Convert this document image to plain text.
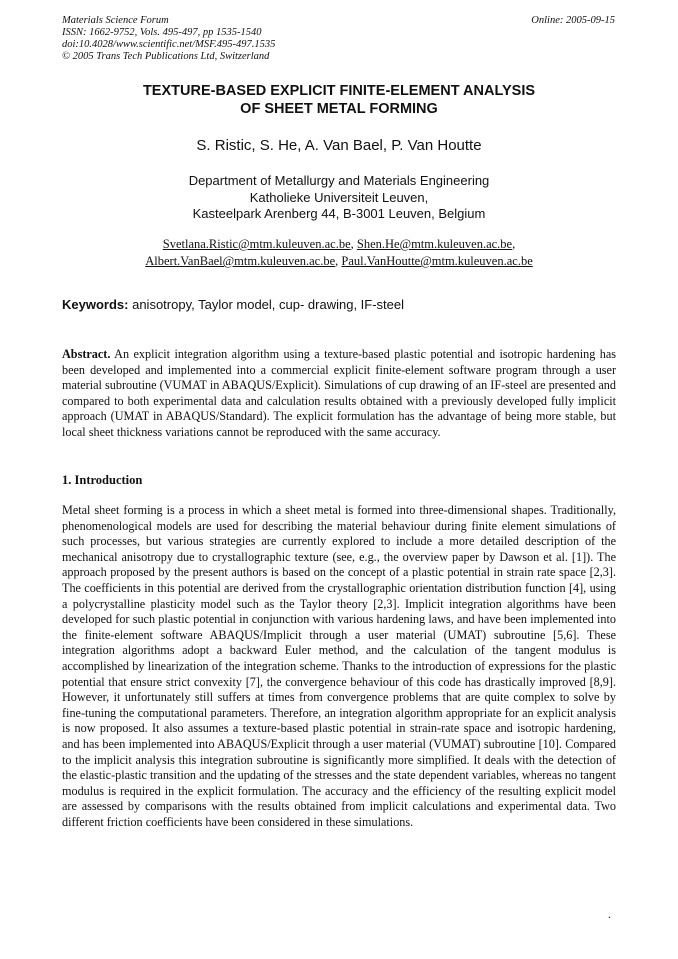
Materials Science Forum
ISSN: 1662-9752, Vols. 495-497, pp 1535-1540
doi:10.4028/www.scientific.net/MSF.495-497.1535
© 2005 Trans Tech Publications Ltd, Switzerland
Online: 2005-09-15
TEXTURE-BASED EXPLICIT FINITE-ELEMENT ANALYSIS
OF SHEET METAL FORMING
S. Ristic, S. He, A. Van Bael, P. Van Houtte
Department of Metallurgy and Materials Engineering
Katholieke Universiteit Leuven,
Kasteelpark Arenberg 44, B-3001 Leuven, Belgium
Svetlana.Ristic@mtm.kuleuven.ac.be, Shen.He@mtm.kuleuven.ac.be,
Albert.VanBael@mtm.kuleuven.ac.be, Paul.VanHoutte@mtm.kuleuven.ac.be
Keywords: anisotropy, Taylor model, cup- drawing, IF-steel
Abstract. An explicit integration algorithm using a texture-based plastic potential and isotropic hardening has been developed and implemented into a commercial explicit finite-element software program through a user material subroutine (VUMAT in ABAQUS/Explicit). Simulations of cup drawing of an IF-steel are presented and compared to both experimental data and calculation results obtained with a previously developed fully implicit approach (UMAT in ABAQUS/Standard). The explicit formulation has the advantage of being more stable, but local sheet thickness variations cannot be reproduced with the same accuracy.
1. Introduction
Metal sheet forming is a process in which a sheet metal is formed into three-dimensional shapes. Traditionally, phenomenological models are used for describing the material behaviour during finite element simulations of such processes, but various strategies are currently explored to include a more detailed description of the mechanical anisotropy due to crystallographic texture (see, e.g., the overview paper by Dawson et al. [1]). The approach proposed by the present authors is based on the concept of a plastic potential in strain rate space [2,3]. The coefficients in this potential are derived from the crystallographic orientation distribution function [4], using a polycrystalline plasticity model such as the Taylor theory [2,3]. Implicit integration algorithms have been developed for such plastic potential in conjunction with various hardening laws, and have been implemented into the finite-element software ABAQUS/Implicit through a user material (UMAT) subroutine [5,6]. These integration algorithms adopt a backward Euler method, and the calculation of the tangent modulus is accomplished by linearization of the integration scheme. Thanks to the introduction of expressions for the plastic potential that ensure strict convexity [7], the convergence behaviour of this code has drastically improved [8,9]. However, it unfortunately still suffers at times from convergence problems that are quite complex to solve by fine-tuning the computational parameters. Therefore, an integration algorithm appropriate for an explicit analysis is now proposed. It also assumes a texture-based plastic potential in strain-rate space and isotropic hardening, and has been implemented into ABAQUS/Explicit through a user material (VUMAT) subroutine [10]. Compared to the implicit analysis this integration subroutine is significantly more simplified. It deals with the detection of the elastic-plastic transition and the updating of the stresses and the state dependent variables, whereas no tangent modulus is required in the explicit formulation. The accuracy and the efficiency of the resulting explicit model are assessed by comparisons with the results obtained from implicit calculations and experimental data. Two different friction coefficients have been considered in these simulations.
.
